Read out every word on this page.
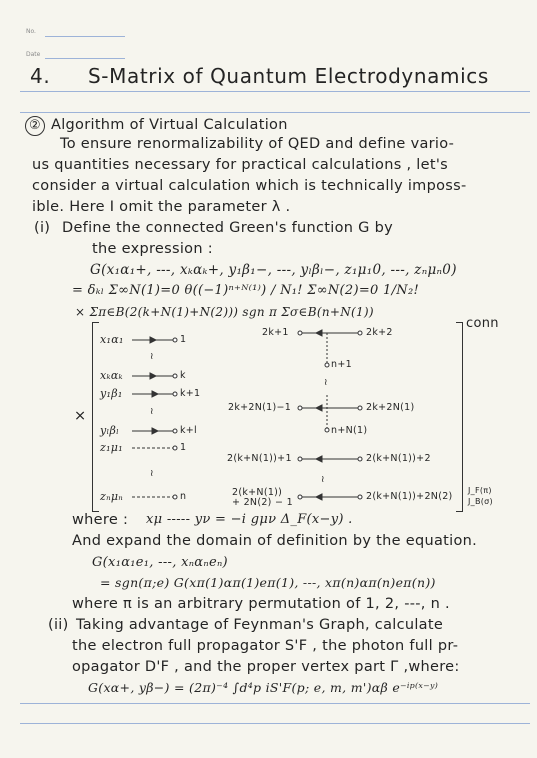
No.
Date
4. S-Matrix of Quantum Electrodynamics
② Algorithm of Virtual Calculation
To ensure renormalizability of QED and define vario-
us quantities necessary for practical calculations , let's
consider a virtual calculation which is technically imposs-
ible. Here I omit the parameter λ .
(i) Define the connected Green's function G by
the expression :
G(x₁α₁+, ---, xₖαₖ+, y₁β₁−, ---, yₗβₗ−, z₁μ₁0, ---, zₙμₙ0)
= δₖₗ Σ∞N(1)=0 θ((−1)ⁿ⁺ᴺ⁽¹⁾) / N₁! Σ∞N(2)=0 1/N₂!
× Σπ∈B(2(k+N(1)+N(2))) sgn π Σσ∈B(n+N(1))
conn
×
x₁α₁
xₖαₖ
y₁β₁
yₗβₗ
z₁μ₁
zₙμₙ
1
k
k+1
k+l
1
n
≀
≀
≀
≀
2k+1	2k+2
n+1
2k+2N(1)−1	2k+2N(1)
n+N(1)
2(k+N(1))+1	2(k+N(1))+2
≀
2(k+N(1))
+ 2N(2) − 1
2(k+N(1))+2N(2)
J_F(π)
J_B(σ)
where : xμ ----- yν = −i gμν Δ_F(x−y) .
And expand the domain of definition by the equation.
G(x₁α₁e₁, ---, xₙαₙeₙ)
= sgn(π;e) G(xπ(1)απ(1)eπ(1), ---, xπ(n)απ(n)eπ(n))
where π is an arbitrary permutation of 1, 2, ---, n .
(ii) Taking advantage of Feynman's Graph, calculate
the electron full propagator S'F , the photon full pr-
opagator D'F , and the proper vertex part Γ ,where:
G(xα+, yβ−) = (2π)⁻⁴ ∫d⁴p iS'F(p; e, m, m')αβ e⁻ⁱᵖ⁽ˣ⁻ʸ⁾
